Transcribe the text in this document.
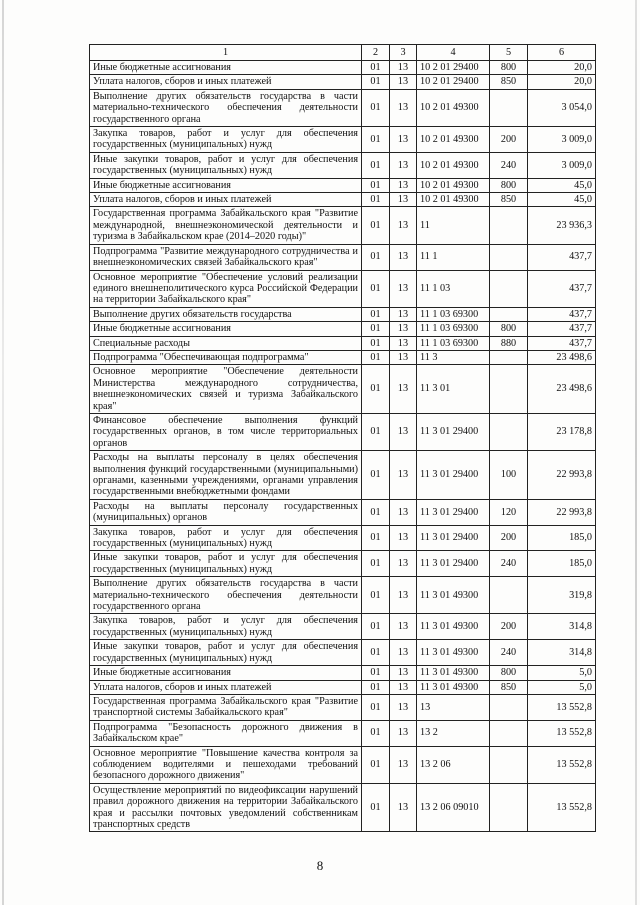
1	2	3	4	5	6
Иные бюджетные ассигнования	01	13	10 2 01 29400	800	20,0
Уплата налогов, сборов и иных платежей	01	13	10 2 01 29400	850	20,0
Выполнение других обязательств государства в части материально-технического обеспечения деятельности государственного органа	01	13	10 2 01 49300		3 054,0
Закупка товаров, работ и услуг для обеспечения государственных (муниципальных) нужд	01	13	10 2 01 49300	200	3 009,0
Иные закупки товаров, работ и услуг для обеспечения государственных (муниципальных) нужд	01	13	10 2 01 49300	240	3 009,0
Иные бюджетные ассигнования	01	13	10 2 01 49300	800	45,0
Уплата налогов, сборов и иных платежей	01	13	10 2 01 49300	850	45,0
Государственная программа Забайкальского края "Развитие международной, внешнеэкономической деятельности и туризма в Забайкальском крае (2014–2020 годы)"	01	13	11		23 936,3
Подпрограмма "Развитие международного сотрудничества и внешнеэкономических связей Забайкальского края"	01	13	11 1		437,7
Основное мероприятие "Обеспечение условий реализации единого внешнеполитического курса Российской Федерации на территории Забайкальского края"	01	13	11 1 03		437,7
Выполнение других обязательств государства	01	13	11 1 03 69300		437,7
Иные бюджетные ассигнования	01	13	11 1 03 69300	800	437,7
Специальные расходы	01	13	11 1 03 69300	880	437,7
Подпрограмма "Обеспечивающая подпрограмма"	01	13	11 3		23 498,6
Основное мероприятие "Обеспечение деятельности Министерства международного сотрудничества, внешнеэкономических связей и туризма Забайкальского края"	01	13	11 3 01		23 498,6
Финансовое обеспечение выполнения функций государственных органов, в том числе территориальных органов	01	13	11 3 01 29400		23 178,8
Расходы на выплаты персоналу в целях обеспечения выполнения функций государственными (муниципальными) органами, казенными учреждениями, органами управления государственными внебюджетными фондами	01	13	11 3 01 29400	100	22 993,8
Расходы на выплаты персоналу государственных (муниципальных) органов	01	13	11 3 01 29400	120	22 993,8
Закупка товаров, работ и услуг для обеспечения государственных (муниципальных) нужд	01	13	11 3 01 29400	200	185,0
Иные закупки товаров, работ и услуг для обеспечения государственных (муниципальных) нужд	01	13	11 3 01 29400	240	185,0
Выполнение других обязательств государства в части материально-технического обеспечения деятельности государственного органа	01	13	11 3 01 49300		319,8
Закупка товаров, работ и услуг для обеспечения государственных (муниципальных) нужд	01	13	11 3 01 49300	200	314,8
Иные закупки товаров, работ и услуг для обеспечения государственных (муниципальных) нужд	01	13	11 3 01 49300	240	314,8
Иные бюджетные ассигнования	01	13	11 3 01 49300	800	5,0
Уплата налогов, сборов и иных платежей	01	13	11 3 01 49300	850	5,0
Государственная программа Забайкальского края "Развитие транспортной системы Забайкальского края"	01	13	13		13 552,8
Подпрограмма "Безопасность дорожного движения в Забайкальском крае"	01	13	13 2		13 552,8
Основное мероприятие "Повышение качества контроля за соблюдением водителями и пешеходами требований безопасного дорожного движения"	01	13	13 2 06		13 552,8
Осуществление мероприятий по видеофиксации нарушений правил дорожного движения на территории Забайкальского края и рассылки почтовых уведомлений собственникам транспортных средств	01	13	13 2 06 09010		13 552,8
8
